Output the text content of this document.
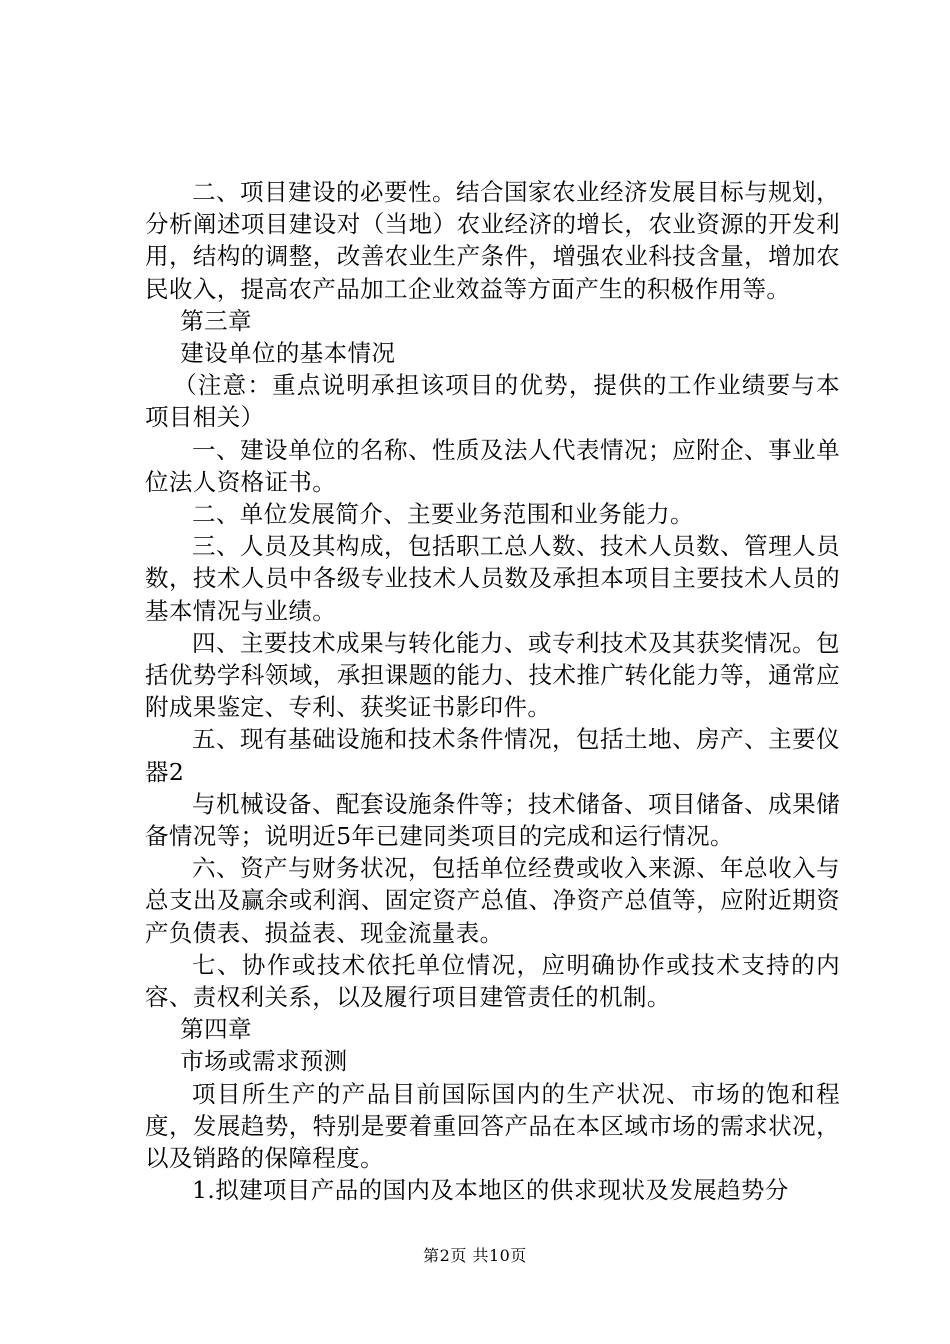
二、项目建设的必要性。结合国家农业经济发展目标与规划，分析阐述项目建设对（当地）农业经济的增长，农业资源的开发利用，结构的调整，改善农业生产条件，增强农业科技含量，增加农民收入，提高农产品加工企业效益等方面产生的积极作用等。

第三章

建设单位的基本情况

（注意：重点说明承担该项目的优势，提供的工作业绩要与本项目相关）

一、建设单位的名称、性质及法人代表情况；应附企、事业单位法人资格证书。

二、单位发展简介、主要业务范围和业务能力。

三、人员及其构成，包括职工总人数、技术人员数、管理人员数，技术人员中各级专业技术人员数及承担本项目主要技术人员的基本情况与业绩。

四、主要技术成果与转化能力、或专利技术及其获奖情况。包括优势学科领域，承担课题的能力、技术推广转化能力等，通常应附成果鉴定、专利、获奖证书影印件。

五、现有基础设施和技术条件情况，包括土地、房产、主要仪器2

与机械设备、配套设施条件等；技术储备、项目储备、成果储备情况等；说明近5年已建同类项目的完成和运行情况。

六、资产与财务状况，包括单位经费或收入来源、年总收入与总支出及赢余或利润、固定资产总值、净资产总值等，应附近期资产负债表、损益表、现金流量表。

七、协作或技术依托单位情况，应明确协作或技术支持的内容、责权利关系，以及履行项目建管责任的机制。

第四章

市场或需求预测

项目所生产的产品目前国际国内的生产状况、市场的饱和程度，发展趋势，特别是要着重回答产品在本区域市场的需求状况，以及销路的保障程度。

1.拟建项目产品的国内及本地区的供求现状及发展趋势分

第2页 共10页
